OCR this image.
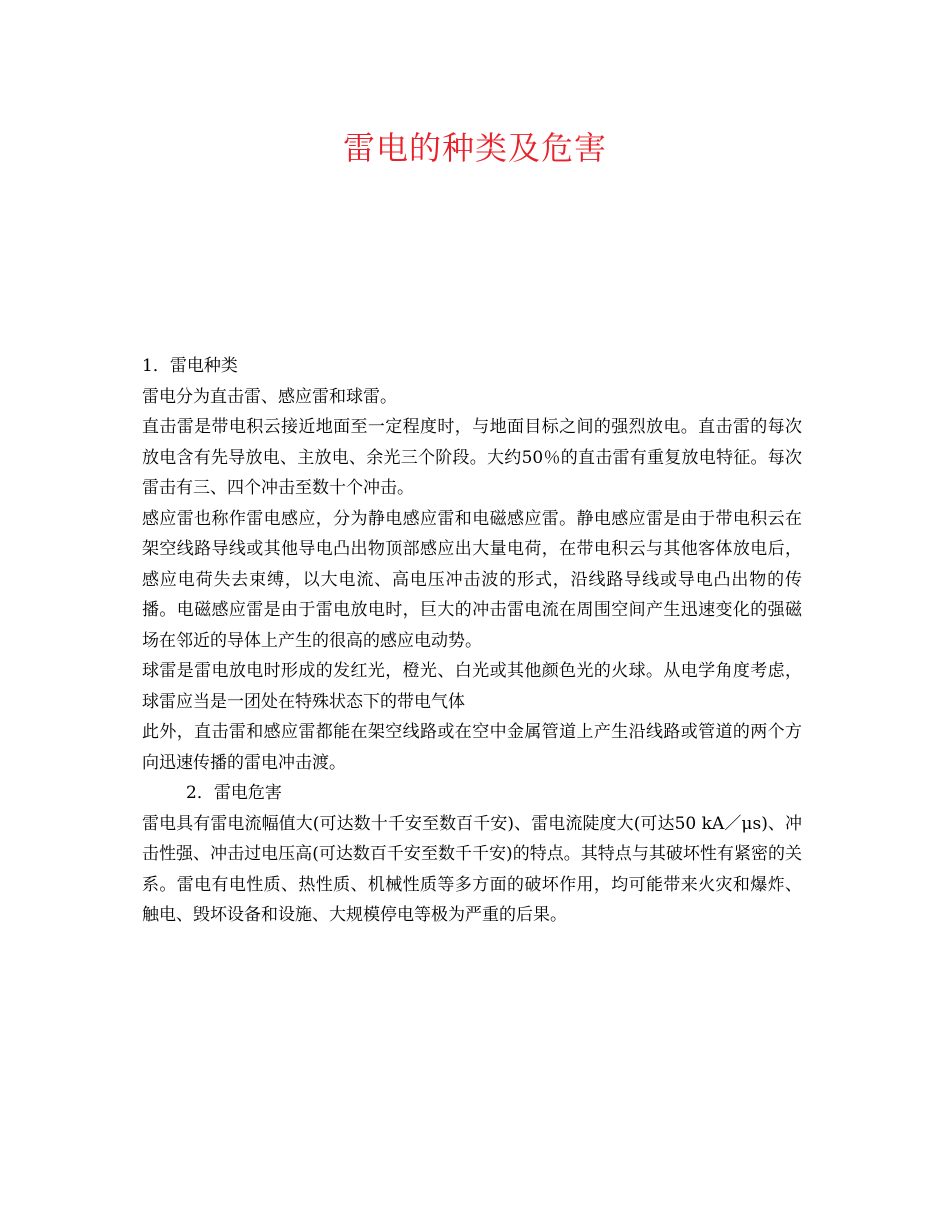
雷电的种类及危害

1．雷电种类

雷电分为直击雷、感应雷和球雷。

直击雷是带电积云接近地面至一定程度时，与地面目标之间的强烈放电。直击雷的每次放电含有先导放电、主放电、余光三个阶段。大约50％的直击雷有重复放电特征。每次雷击有三、四个冲击至数十个冲击。

感应雷也称作雷电感应，分为静电感应雷和电磁感应雷。静电感应雷是由于带电积云在架空线路导线或其他导电凸出物顶部感应出大量电荷，在带电积云与其他客体放电后，感应电荷失去束缚，以大电流、高电压冲击波的形式，沿线路导线或导电凸出物的传播。电磁感应雷是由于雷电放电时，巨大的冲击雷电流在周围空间产生迅速变化的强磁场在邻近的导体上产生的很高的感应电动势。

球雷是雷电放电时形成的发红光，橙光、白光或其他颜色光的火球。从电学角度考虑，球雷应当是一团处在特殊状态下的带电气体

此外，直击雷和感应雷都能在架空线路或在空中金属管道上产生沿线路或管道的两个方向迅速传播的雷电冲击渡。

2．雷电危害

雷电具有雷电流幅值大(可达数十千安至数百千安)、雷电流陡度大(可达50 kA／μs)、冲击性强、冲击过电压高(可达数百千安至数千千安)的特点。其特点与其破坏性有紧密的关系。雷电有电性质、热性质、机械性质等多方面的破坏作用，均可能带来火灾和爆炸、触电、毁坏设备和设施、大规模停电等极为严重的后果。
